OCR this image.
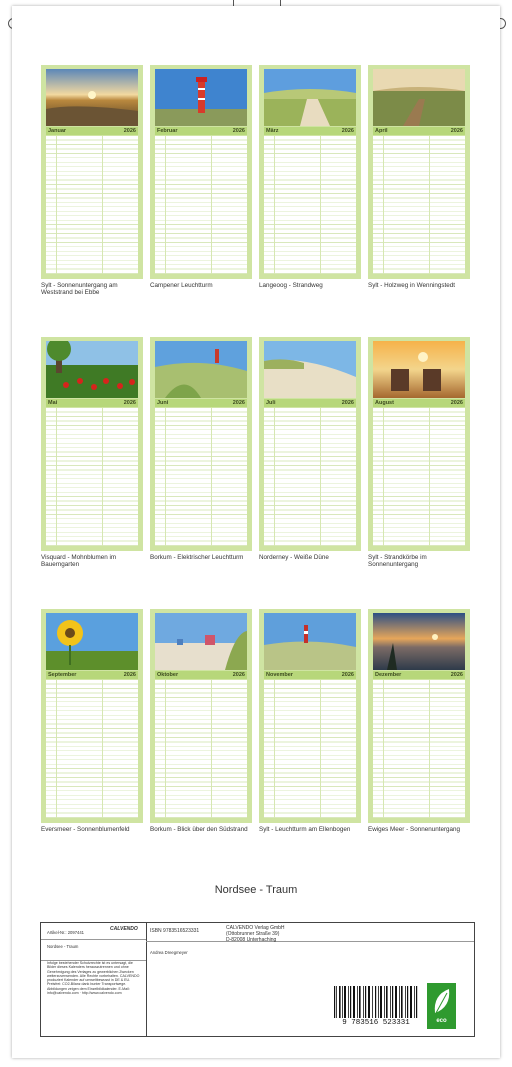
Januar	2026	Februar	2026	März	2026	April	2026
Mai	2026	Juni	2026	Juli	2026	August	2026
September	2026	Oktober	2026	November	2026	Dezember	2026
Sylt - Sonnenuntergang am Weststrand bei Ebbe
Campener Leuchtturm	Langeoog - Strandweg	Sylt - Holzweg in Wenningstedt
Visquard - Mohnblumen im Bauerngarten
Borkum - Elektrischer Leuchtturm	Norderney - Weiße Düne	Sylt - Strandkörbe im Sonnenuntergang
Eversmeer - Sonnenblumenfeld	Borkum - Blick über den Südstrand	Sylt - Leuchtturm am Ellenbogen	Ewiges Meer - Sonnenuntergang
Nordsee - Traum
Artikel-Nr.: 2097441
CALVENDO
Nordsee - Traum
Infolge bestehender Schutzrechte ist es untersagt, die Bilder dieses Kalenders herauszutrennen und ohne Genehmigung des Verlages zu gewerblichen Zwecken weiterzuverwenden. Alle Rechte vorbehalten. CALVENDO produziert Kalender auf umweltbewusst in DE & EU. Preisfrei: CO2-Bilanz dank bunter Transportwege. Abbildungen zeigen dem Einzelbildkalender. E-Mail: info@calvendo.com · http://www.calvendo.com
ISBN 9783516523331	CALVENDO Verlag GmbH
(Ottobrunner Straße 39)
D-82008 Unterhaching
Andrea Dreegmeyer
9 783516 523331	eco
